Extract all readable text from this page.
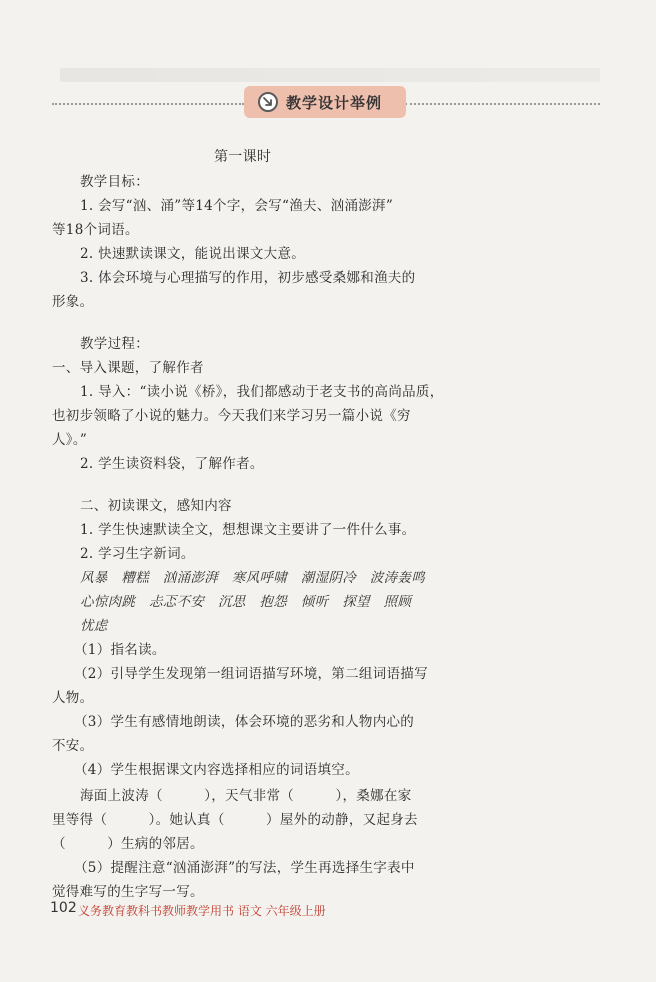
教学设计举例
第一课时
教学目标：
1. 会写“汹、涌”等14个字，会写“渔夫、汹涌澎湃”
等18个词语。
2. 快速默读课文，能说出课文大意。
3. 体会环境与心理描写的作用，初步感受桑娜和渔夫的
形象。
教学过程：
一、导入课题，了解作者
1. 导入：“读小说《桥》，我们都感动于老支书的高尚品质，
也初步领略了小说的魅力。今天我们来学习另一篇小说《穷
人》。”
2. 学生读资料袋，了解作者。
二、初读课文，感知内容
1. 学生快速默读全文，想想课文主要讲了一件什么事。
2. 学习生字新词。
风暴　糟糕　汹涌澎湃　寒风呼啸　潮湿阴冷　波涛轰鸣
心惊肉跳　忐忑不安　沉思　抱怨　倾听　探望　照顾
忧虑
（1）指名读。
（2）引导学生发现第一组词语描写环境，第二组词语描写
人物。
（3）学生有感情地朗读，体会环境的恶劣和人物内心的
不安。
（4）学生根据课文内容选择相应的词语填空。
海面上波涛（　　　），天气非常（　　　），桑娜在家
里等得（　　　）。她认真（　　　）屋外的动静，又起身去
（　　　）生病的邻居。
（5）提醒注意“汹涌澎湃”的写法，学生再选择生字表中
觉得难写的生字写一写。
102 义务教育教科书教师教学用书 语文 六年级上册
